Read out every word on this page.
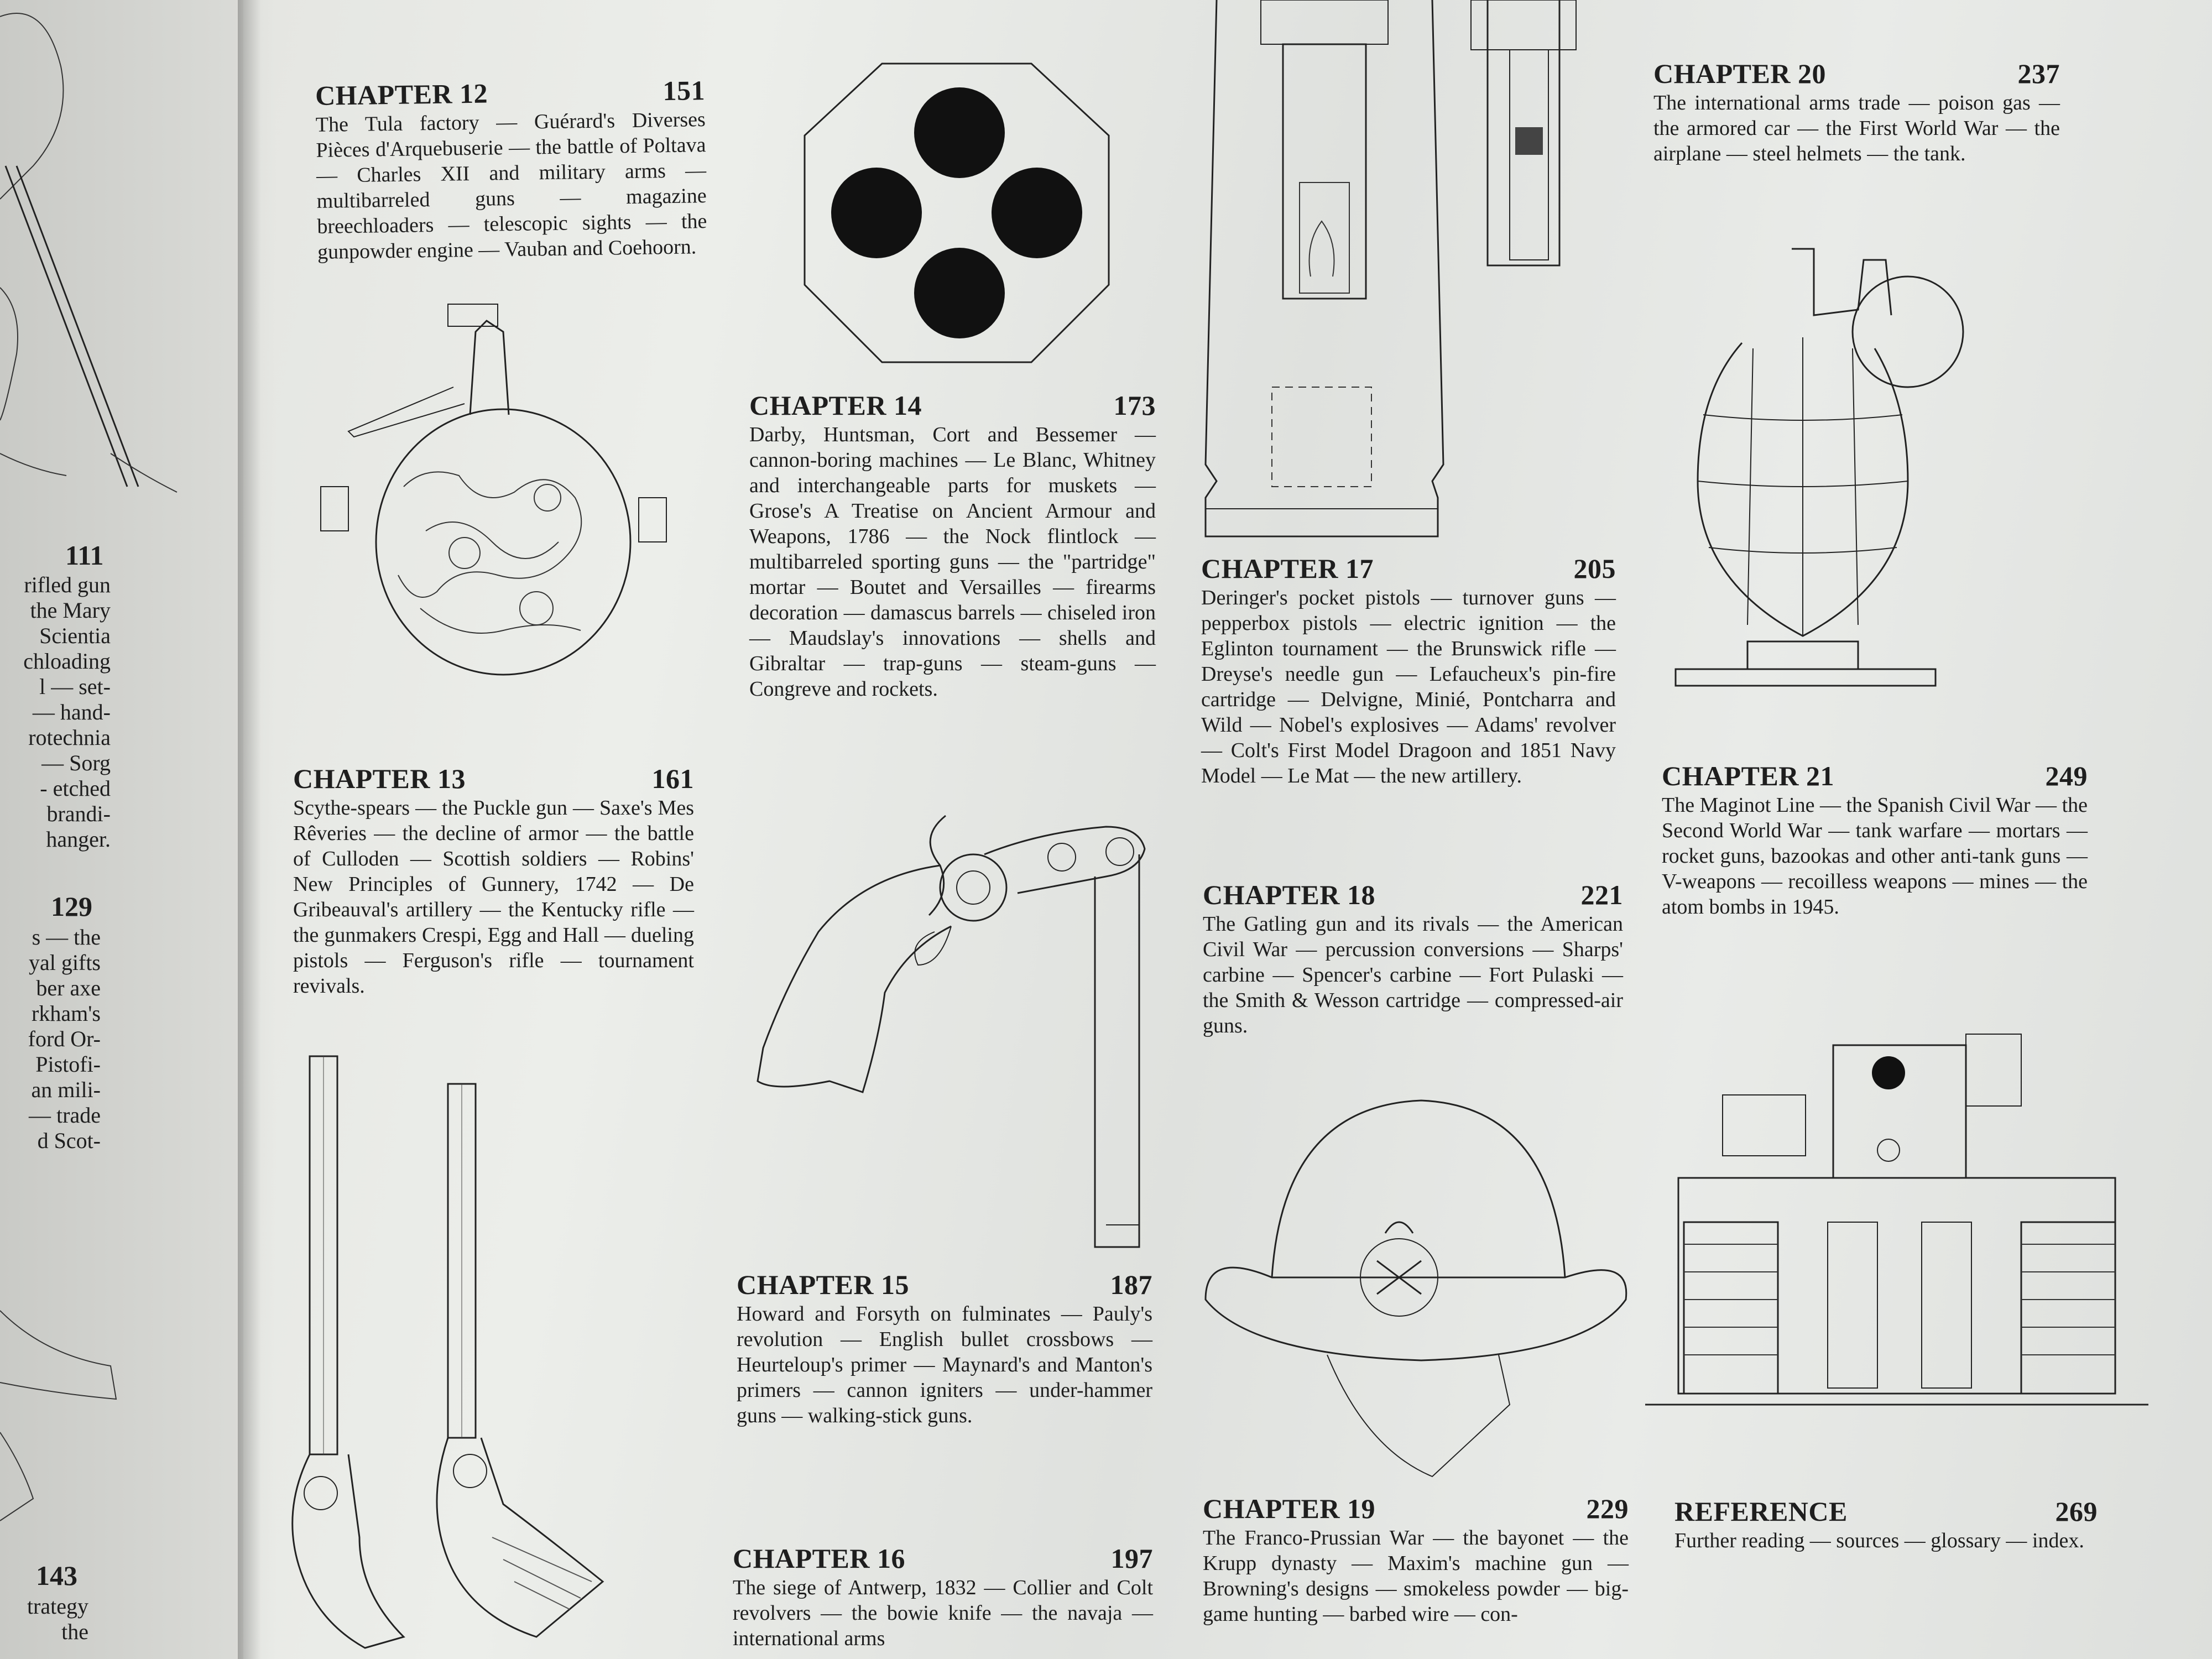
111
rifled gun
the Mary
Scientia
chloading
l — set-
— hand-
rotechnia
— Sorg
- etched
brandi-
hanger.
129
s — the
yal gifts
ber axe
rkham's
ford Or-
Pistofi-
an mili-
— trade
d Scot-
143
trategy
the
CHAPTER 12	151
The Tula factory — Guérard's Diverses Pièces d'Arquebuserie — the battle of Poltava — Charles XII and military arms — multibarreled guns — magazine breechloaders — telescopic sights — the gunpowder engine — Vauban and Coehoorn.
CHAPTER 13	161
Scythe-spears — the Puckle gun — Saxe's Mes Rêveries — the decline of armor — the battle of Culloden — Scottish soldiers — Robins' New Principles of Gunnery, 1742 — De Gribeauval's artillery — the Kentucky rifle — the gunmakers Crespi, Egg and Hall — dueling pistols — Ferguson's rifle — tournament revivals.
CHAPTER 14	173
Darby, Huntsman, Cort and Bessemer — cannon-boring machines — Le Blanc, Whitney and interchangeable parts for muskets — Grose's A Treatise on Ancient Armour and Weapons, 1786 — the Nock flintlock — multibarreled sporting guns — the "partridge" mortar — Boutet and Versailles — firearms decoration — damascus barrels — chiseled iron — Maudslay's innovations — shells and Gibraltar — trap-guns — steam-guns — Congreve and rockets.
CHAPTER 15	187
Howard and Forsyth on fulminates — Pauly's revolution — English bullet crossbows — Heurteloup's primer — Maynard's and Manton's primers — cannon igniters — under-hammer guns — walking-stick guns.
CHAPTER 16	197
The siege of Antwerp, 1832 — Collier and Colt revolvers — the bowie knife — the navaja — international arms
CHAPTER 17	205
Deringer's pocket pistols — turnover guns — pepperbox pistols — electric ignition — the Eglinton tournament — the Brunswick rifle — Dreyse's needle gun — Lefaucheux's pin-fire cartridge — Delvigne, Minié, Pontcharra and Wild — Nobel's explosives — Adams' revolver — Colt's First Model Dragoon and 1851 Navy Model — Le Mat — the new artillery.
CHAPTER 18	221
The Gatling gun and its rivals — the American Civil War — percussion conversions — Sharps' carbine — Spencer's carbine — Fort Pulaski — the Smith & Wesson cartridge — compressed-air guns.
CHAPTER 19	229
The Franco-Prussian War — the bayonet — the Krupp dynasty — Maxim's machine gun — Browning's designs — smokeless powder — big-game hunting — barbed wire — con-
CHAPTER 20	237
The international arms trade — poison gas — the armored car — the First World War — the airplane — steel helmets — the tank.
CHAPTER 21	249
The Maginot Line — the Spanish Civil War — the Second World War — tank warfare — mortars — rocket guns, bazookas and other anti-tank guns — V-weapons — recoilless weapons — mines — the atom bombs in 1945.
REFERENCE	269
Further reading — sources — glossary — index.
